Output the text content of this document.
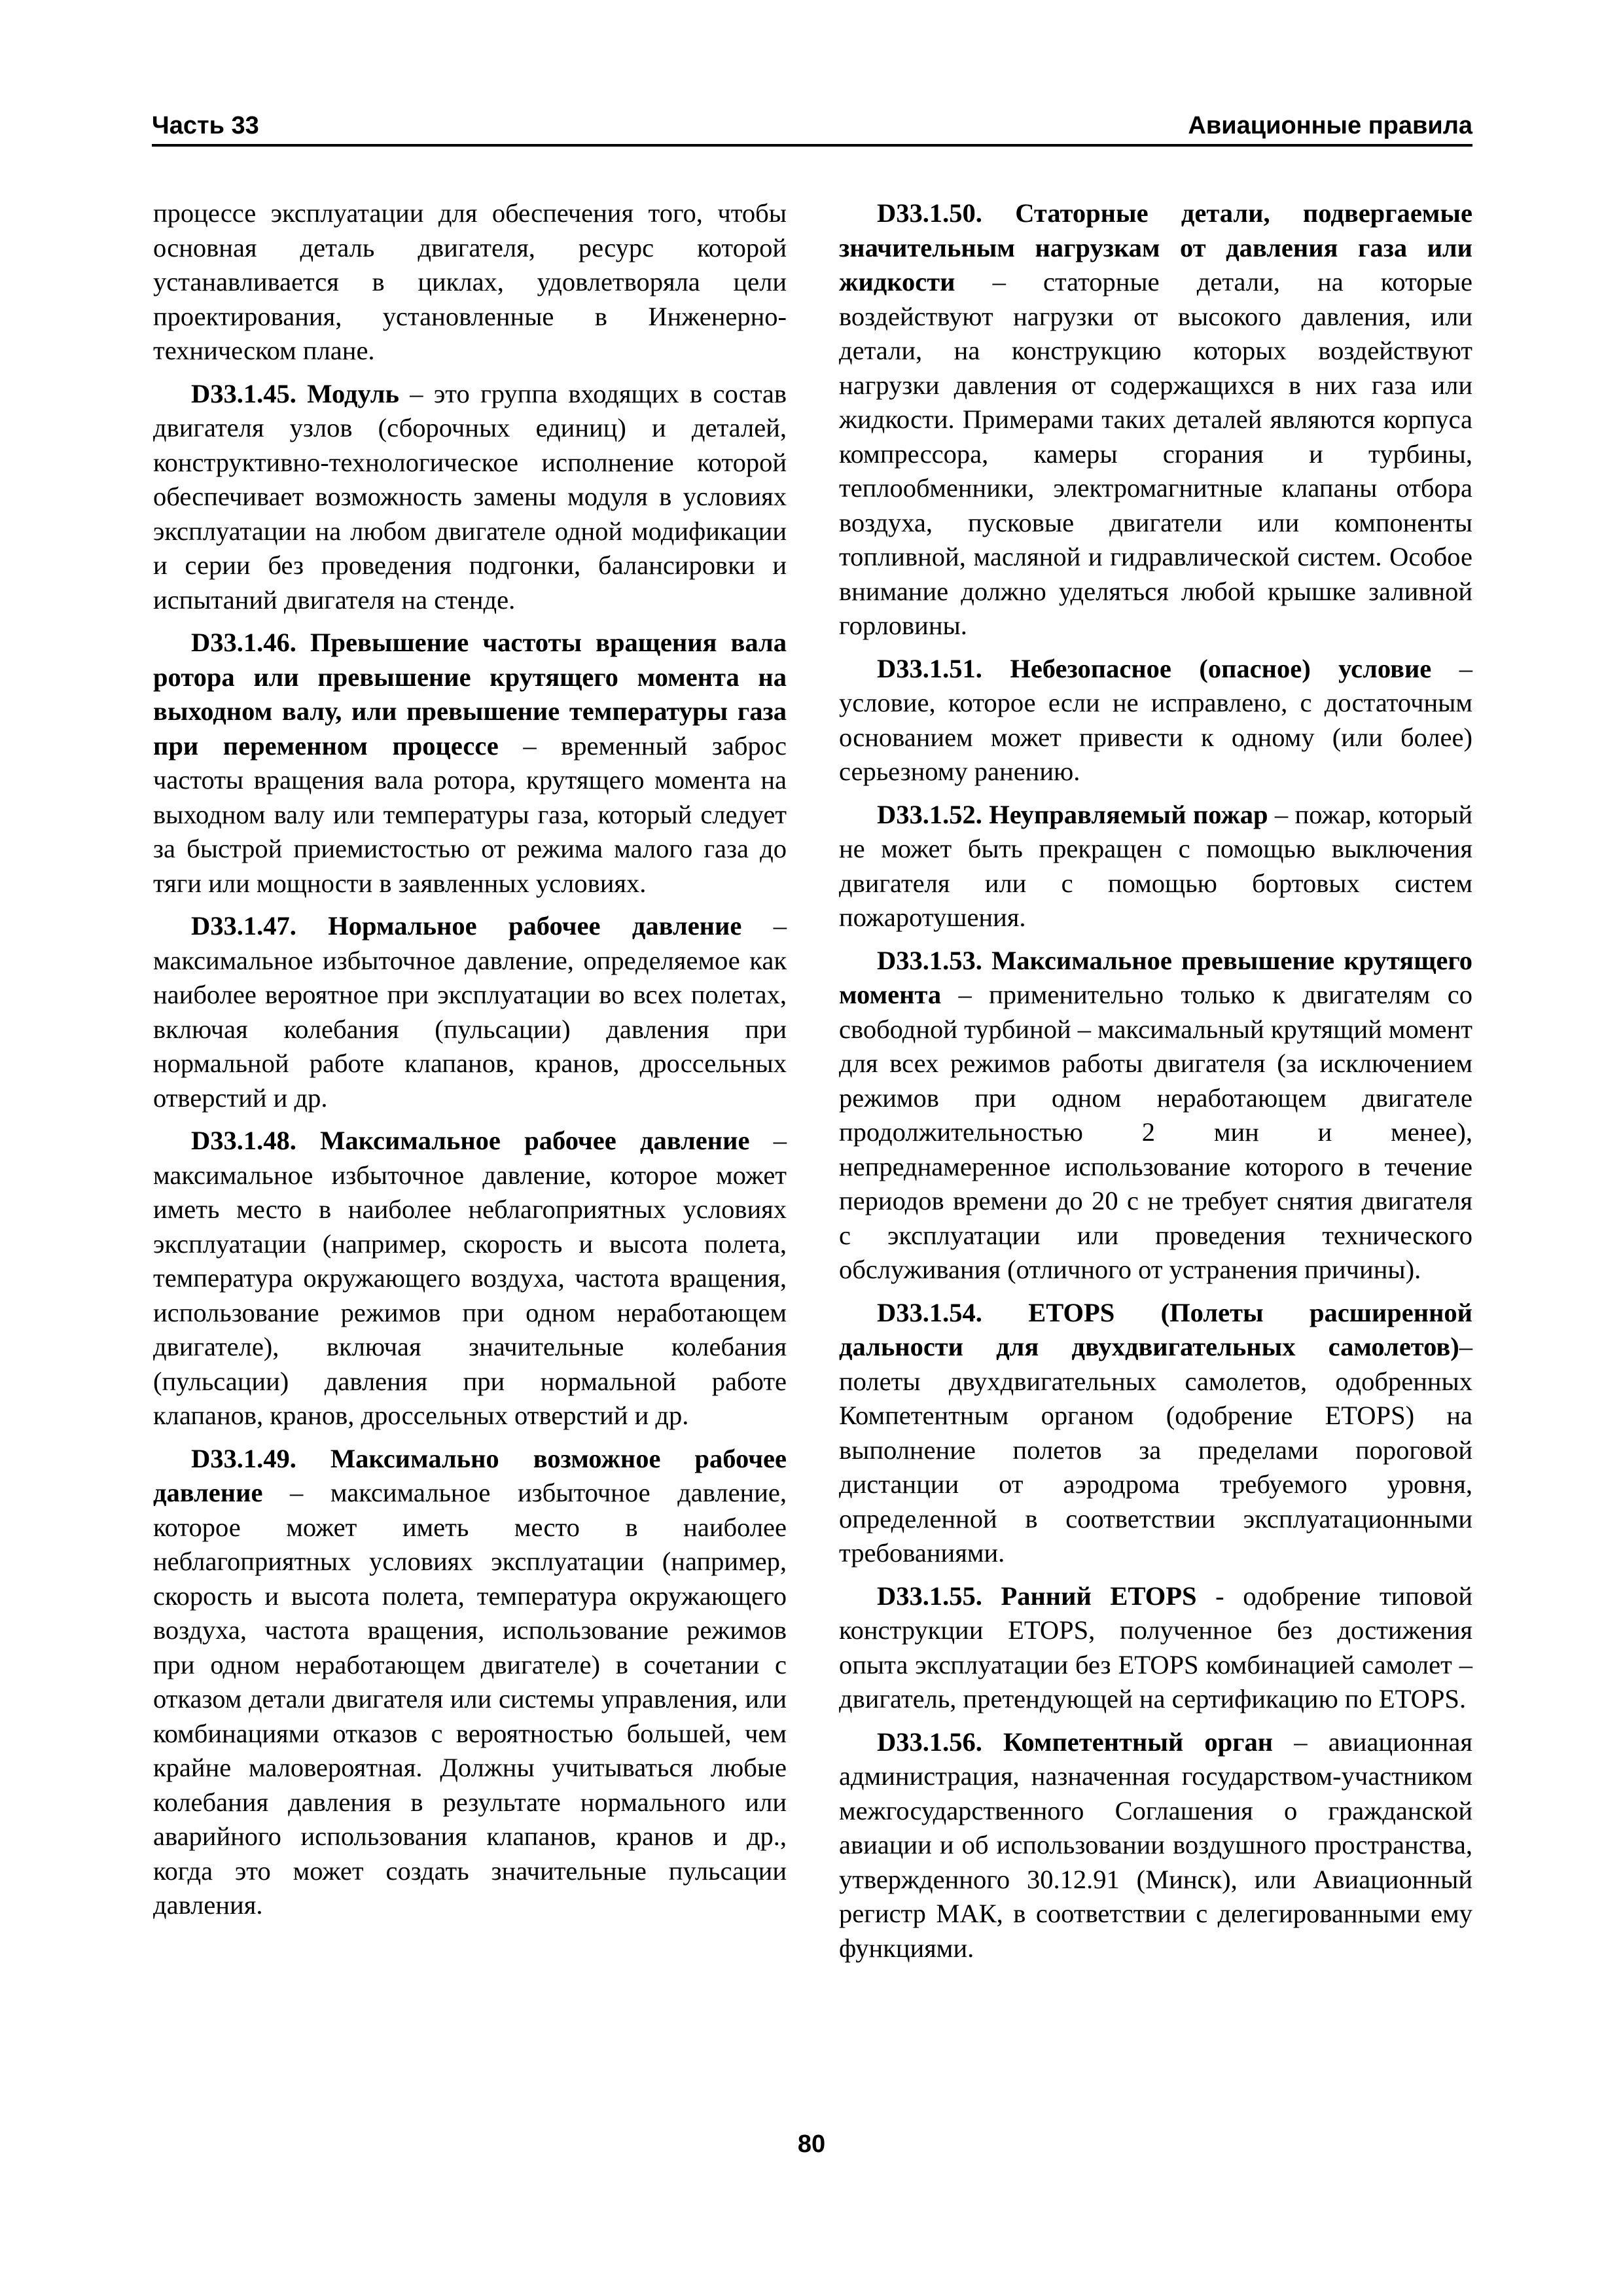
Часть 33	Авиационные правила

процессе эксплуатации для обеспечения того, чтобы основная деталь двигателя, ресурс которой устанавливается в циклах, удовлетворяла цели проектирования, установленные в Инженерно-техническом плане.

D33.1.45. Модуль – это группа входящих в состав двигателя узлов (сборочных единиц) и деталей, конструктивно-технологическое исполнение которой обеспечивает возможность замены модуля в условиях эксплуатации на любом двигателе одной модификации и серии без проведения подгонки, балансировки и испытаний двигателя на стенде.

D33.1.46. Превышение частоты вращения вала ротора или превышение крутящего момента на выходном валу, или превышение температуры газа при переменном процессе – временный заброс частоты вращения вала ротора, крутящего момента на выходном валу или температуры газа, который следует за быстрой приемистостью от режима малого газа до тяги или мощности в заявленных условиях.

D33.1.47. Нормальное рабочее давление – максимальное избыточное давление, определяемое как наиболее вероятное при эксплуатации во всех полетах, включая колебания (пульсации) давления при нормальной работе клапанов, кранов, дроссельных отверстий и др.

D33.1.48. Максимальное рабочее давление – максимальное избыточное давление, которое может иметь место в наиболее неблагоприятных условиях эксплуатации (например, скорость и высота полета, температура окружающего воздуха, частота вращения, использование режимов при одном неработающем двигателе), включая значительные колебания (пульсации) давления при нормальной работе клапанов, кранов, дроссельных отверстий и др.

D33.1.49. Максимально возможное рабочее давление – максимальное избыточное давление, которое может иметь место в наиболее неблагоприятных условиях эксплуатации (например, скорость и высота полета, температура окружающего воздуха, частота вращения, использование режимов при одном неработающем двигателе) в сочетании с отказом детали двигателя или системы управления, или комбинациями отказов с вероятностью большей, чем крайне маловероятная. Должны учитываться любые колебания давления в результате нормального или аварийного использования клапанов, кранов и др., когда это может создать значительные пульсации давления.

D33.1.50. Статорные детали, подвергаемые значительным нагрузкам от давления газа или жидкости – статорные детали, на которые воздействуют нагрузки от высокого давления, или детали, на конструкцию которых воздействуют нагрузки давления от содержащихся в них газа или жидкости. Примерами таких деталей являются корпуса компрессора, камеры сгорания и турбины, теплообменники, электромагнитные клапаны отбора воздуха, пусковые двигатели или компоненты топливной, масляной и гидравлической систем. Особое внимание должно уделяться любой крышке заливной горловины.

D33.1.51. Небезопасное (опасное) условие – условие, которое если не исправлено, с достаточным основанием может привести к одному (или более) серьезному ранению.

D33.1.52. Неуправляемый пожар – пожар, который не может быть прекращен с помощью выключения двигателя или с помощью бортовых систем пожаротушения.

D33.1.53. Максимальное превышение крутящего момента – применительно только к двигателям со свободной турбиной – максимальный крутящий момент для всех режимов работы двигателя (за исключением режимов при одном неработающем двигателе продолжительностью 2 мин и менее), непреднамеренное использование которого в течение периодов времени до 20 с не требует снятия двигателя с эксплуатации или проведения технического обслуживания (отличного от устранения причины).

D33.1.54. ETOPS (Полеты расширенной дальности для двухдвигательных самолетов)– полеты двухдвигательных самолетов, одобренных Компетентным органом (одобрение ETOPS) на выполнение полетов за пределами пороговой дистанции от аэродрома требуемого уровня, определенной в соответствии эксплуатационными требованиями.

D33.1.55. Ранний ETOPS - одобрение типовой конструкции ETOPS, полученное без достижения опыта эксплуатации без ETOPS комбинацией самолет – двигатель, претендующей на сертификацию по ETOPS.

D33.1.56. Компетентный орган – авиационная администрация, назначенная государством-участником межгосударственного Соглашения о гражданской авиации и об использовании воздушного пространства, утвержденного 30.12.91 (Минск), или Авиационный регистр МАК, в соответствии с делегированными ему функциями.

80
